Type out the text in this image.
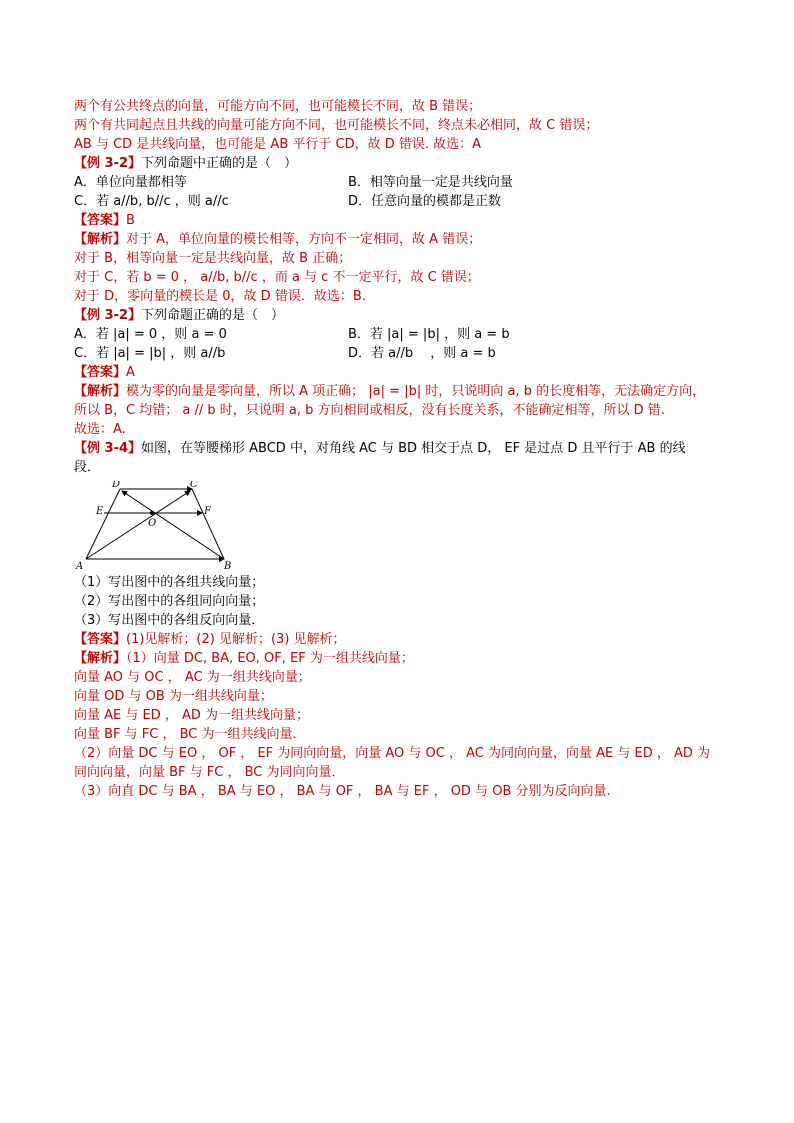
两个有公共终点的向量，可能方向不同，也可能模长不同，故 B 错误；
两个有共同起点且共线的向量可能方向不同，也可能模长不同，终点未必相同，故 C 错误；
AB 与 CD 是共线向量，也可能是 AB 平行于 CD，故 D 错误. 故选：A
【例 3-2】下列命题中正确的是（　）
A．单位向量都相等	B．相等向量一定是共线向量
C．若 a//b, b//c ，则 a//c	D．任意向量的模都是正数
【答案】B
【解析】对于 A，单位向量的模长相等，方向不一定相同，故 A 错误；
对于 B，相等向量一定是共线向量，故 B 正确；
对于 C，若 b = 0 ， a//b, b//c ，而 a 与 c 不一定平行，故 C 错误；
对于 D，零向量的模长是 0，故 D 错误．故选：B.
【例 3-2】下列命题正确的是（　）
A．若 |a| = 0 ，则 a = 0	B．若 |a| = |b| ，则 a = b
C．若 |a| = |b| ，则 a//b	D．若 a//b 　，则 a = b
【答案】A
【解析】模为零的向量是零向量，所以 A 项正确； |a| = |b| 时，只说明向 a, b 的长度相等，无法确定方向，
所以 B，C 均错； a // b 时，只说明 a, b 方向相同或相反，没有长度关系，不能确定相等，所以 D 错.
故选：A.
【例 3-4】如图，在等腰梯形 ABCD 中，对角线 AC 与 BD 相交于点 D， EF 是过点 D 且平行于 AB 的线
段．
A	B
C
D
E	F
O
（1）写出图中的各组共线向量；
（2）写出图中的各组同向向量；
（3）写出图中的各组反向向量．
【答案】(1)见解析；(2) 见解析；(3) 见解析；
【解析】（1）向量 DC, BA, EO, OF, EF 为一组共线向量；
向量 AO 与 OC ， AC 为一组共线向量；
向量 OD 与 OB 为一组共线向量；
向量 AE 与 ED ， AD 为一组共线向量；
向量 BF 与 FC ， BC 为一组共线向量．
（2）向量 DC 与 EO ， OF ， EF 为同向向量，向量 AO 与 OC ， AC 为同向向量，向量 AE 与 ED ， AD 为
同向向量，向量 BF 与 FC ， BC 为同向向量．
（3）向直 DC 与 BA ， BA 与 EO ， BA 与 OF ， BA 与 EF ， OD 与 OB 分别为反向向量.
